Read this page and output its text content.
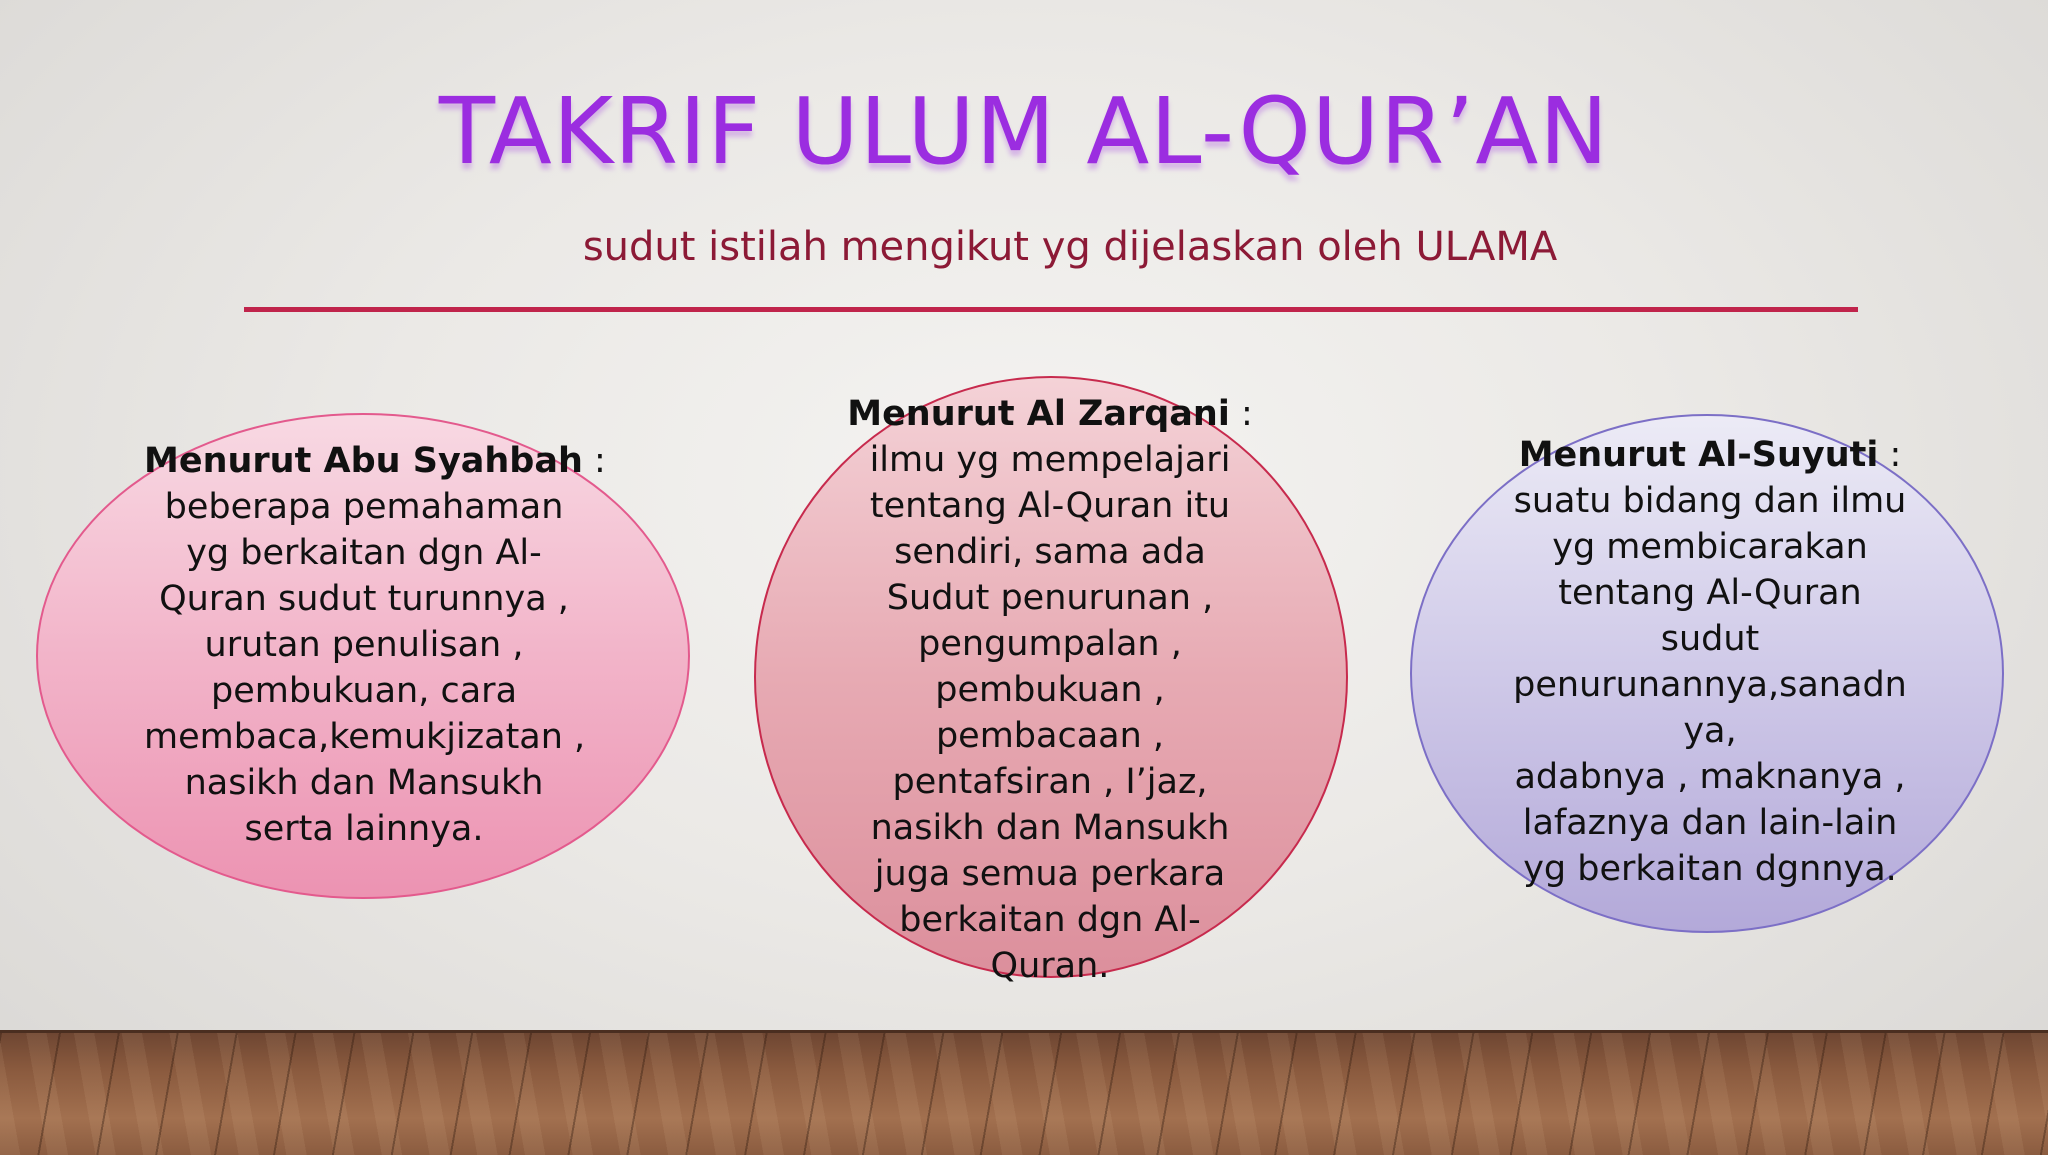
TAKRIF ULUM AL-QUR’AN
sudut istilah mengikut yg dijelaskan oleh ULAMA
Menurut Abu Syahbah :
beberapa pemahaman
yg berkaitan dgn Al-
Quran sudut turunnya ,
urutan penulisan ,
pembukuan, cara
membaca,kemukjizatan ,
nasikh dan Mansukh
serta lainnya.
Menurut Al Zarqani :
ilmu yg mempelajari
tentang Al-Quran itu
sendiri, sama ada
Sudut penurunan ,
pengumpalan ,
pembukuan ,
pembacaan ,
pentafsiran , I’jaz,
nasikh dan Mansukh
juga semua perkara
berkaitan dgn Al-
Quran.
Menurut Al-Suyuti :
suatu bidang dan ilmu
yg membicarakan
tentang Al-Quran
sudut
penurunannya,sanadn
ya,
adabnya , maknanya ,
lafaznya dan lain-lain
yg berkaitan dgnnya.
